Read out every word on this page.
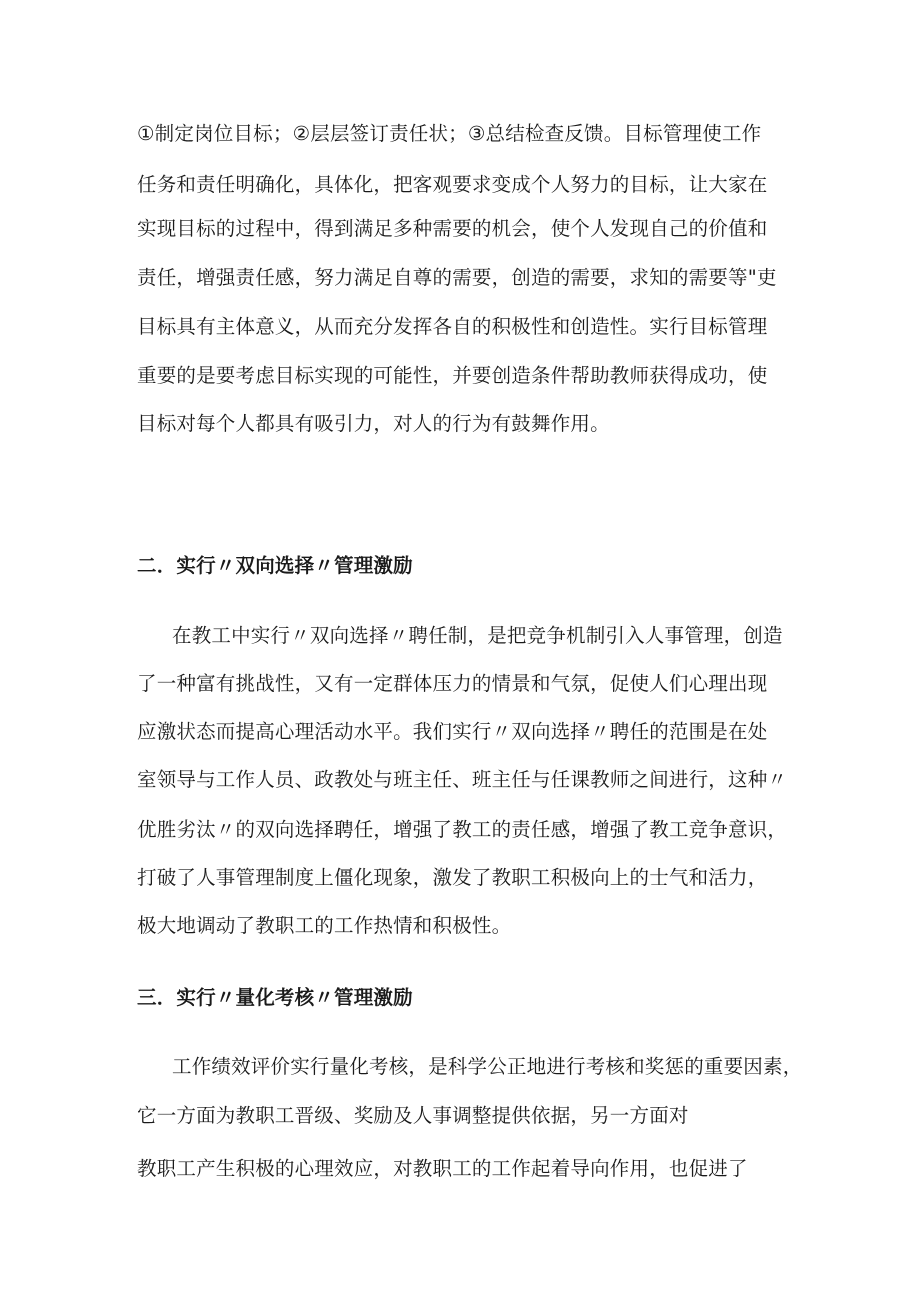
①制定岗位目标；②层层签订责任状；③总结检查反馈。目标管理使工作
任务和责任明确化，具体化，把客观要求变成个人努力的目标，让大家在
实现目标的过程中，得到满足多种需要的机会，使个人发现自己的价值和
责任，增强责任感，努力满足自尊的需要，创造的需要，求知的需要等"吏
目标具有主体意义，从而充分发挥各自的积极性和创造性。实行目标管理
重要的是要考虑目标实现的可能性，并要创造条件帮助教师获得成功，使
目标对每个人都具有吸引力，对人的行为有鼓舞作用。
二．实行〃双向选择〃管理激励
在教工中实行〃双向选择〃聘任制，是把竞争机制引入人事管理，创造
了一种富有挑战性，又有一定群体压力的情景和气氛，促使人们心理出现
应激状态而提高心理活动水平。我们实行〃双向选择〃聘任的范围是在处
室领导与工作人员、政教处与班主任、班主任与任课教师之间进行，这种〃
优胜劣汰〃的双向选择聘任，增强了教工的责任感，增强了教工竞争意识，
打破了人事管理制度上僵化现象，激发了教职工积极向上的士气和活力，
极大地调动了教职工的工作热情和积极性。
三．实行〃量化考核〃管理激励
工作绩效评价实行量化考核，是科学公正地进行考核和奖惩的重要因素，
它一方面为教职工晋级、奖励及人事调整提供依据，另一方面对
教职工产生积极的心理效应，对教职工的工作起着导向作用，也促进了
